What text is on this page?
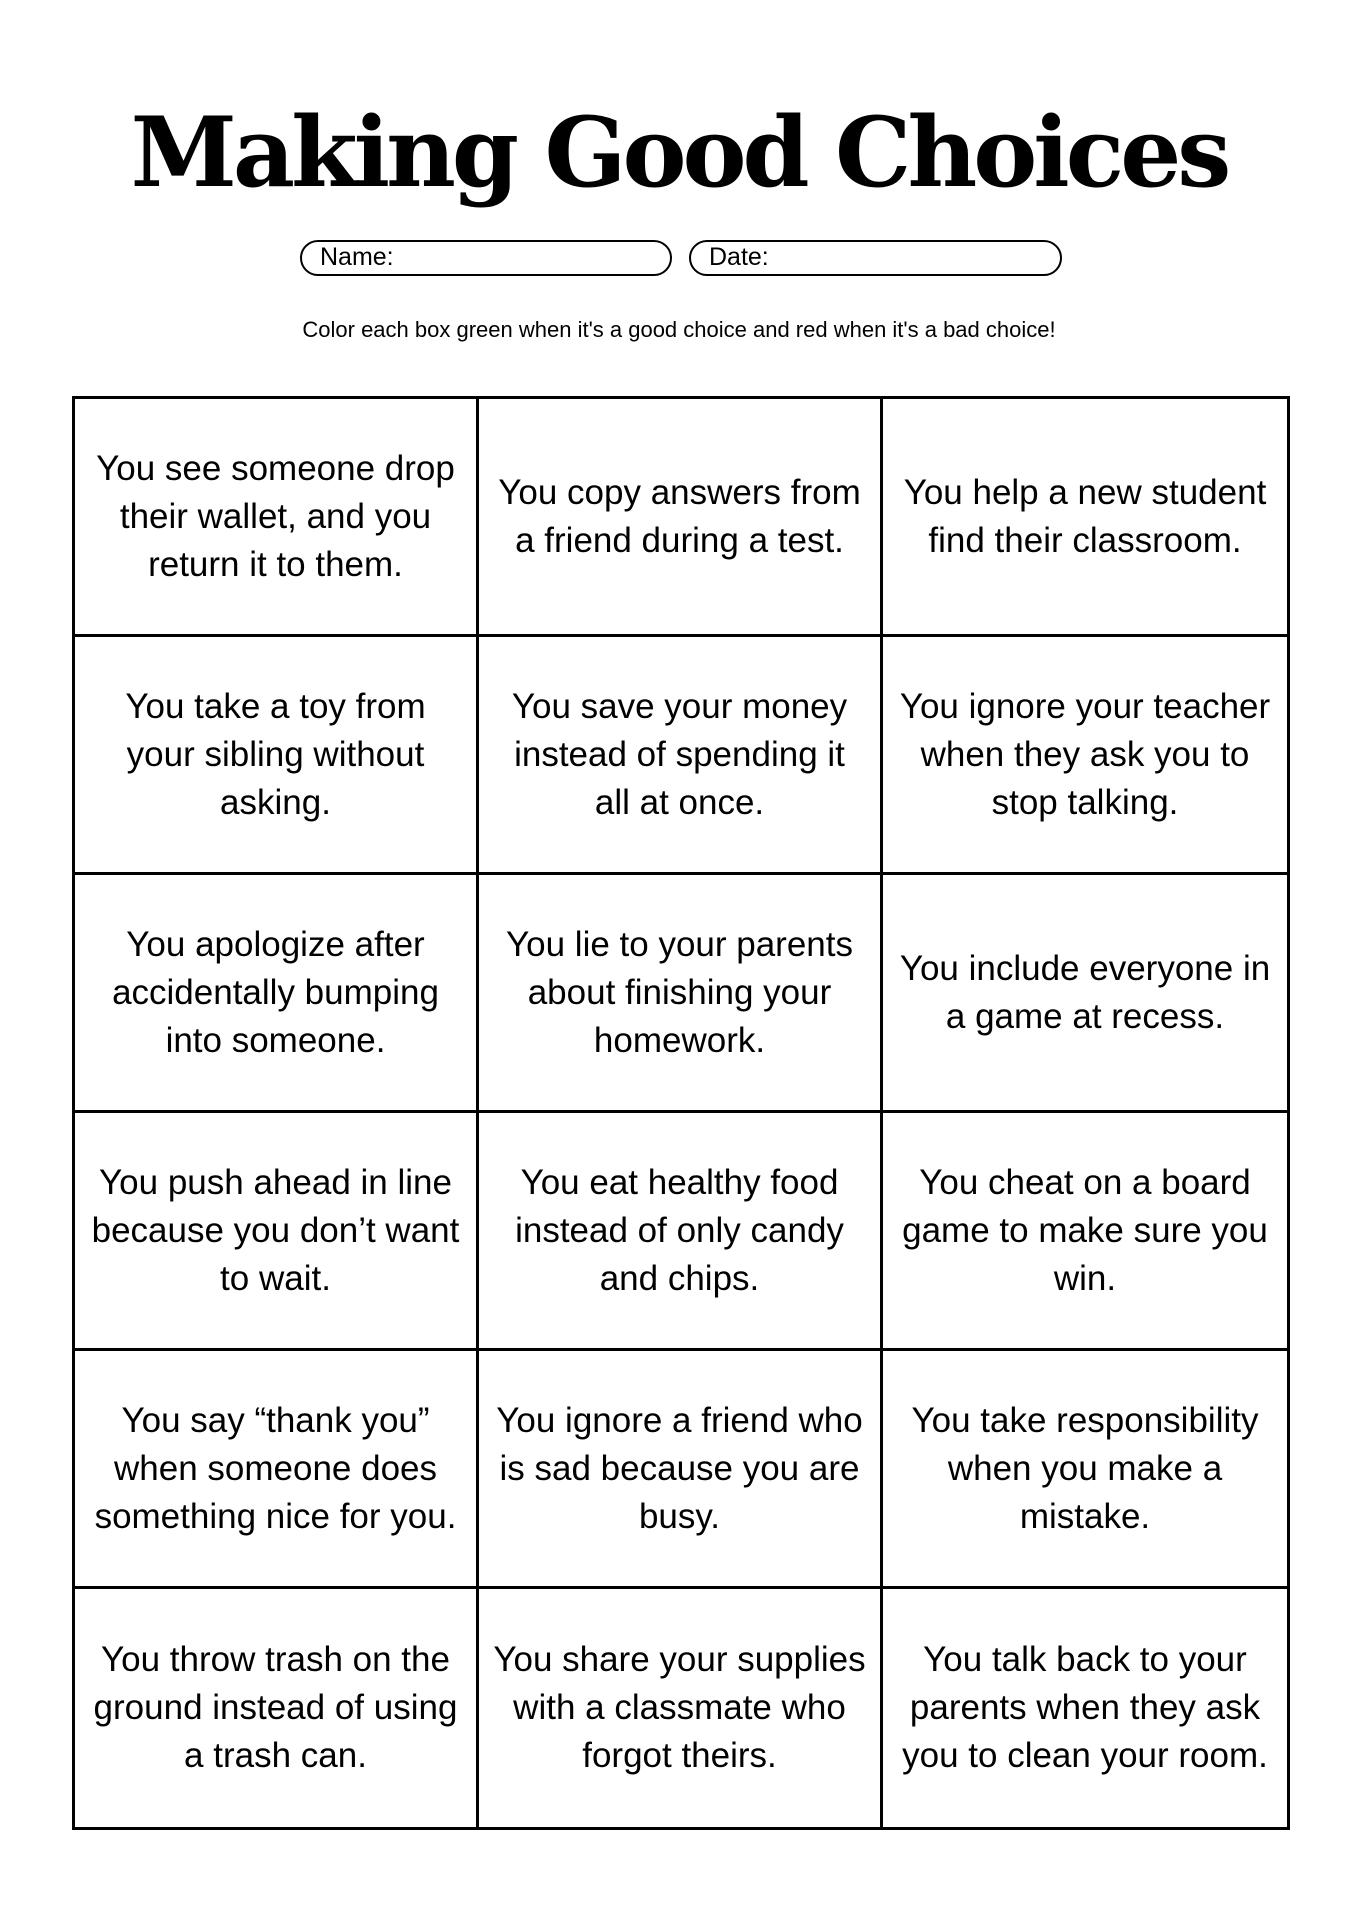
Making Good Choices
Name:	Date:
Color each box green when it's a good choice and red when it's a bad choice!
You see someone drop their wallet, and you return it to them.
You copy answers from a friend during a test.
You help a new student find their classroom.
You take a toy from your sibling without asking.
You save your money instead of spending it all at once.
You ignore your teacher when they ask you to stop talking.
You apologize after accidentally bumping into someone.
You lie to your parents about finishing your homework.
You include everyone in a game at recess.
You push ahead in line because you don’t want to wait.
You eat healthy food instead of only candy and chips.
You cheat on a board game to make sure you win.
You say “thank you” when someone does something nice for you.
You ignore a friend who is sad because you are busy.
You take responsibility when you make a mistake.
You throw trash on the ground instead of using a trash can.
You share your supplies with a classmate who forgot theirs.
You talk back to your parents when they ask you to clean your room.
